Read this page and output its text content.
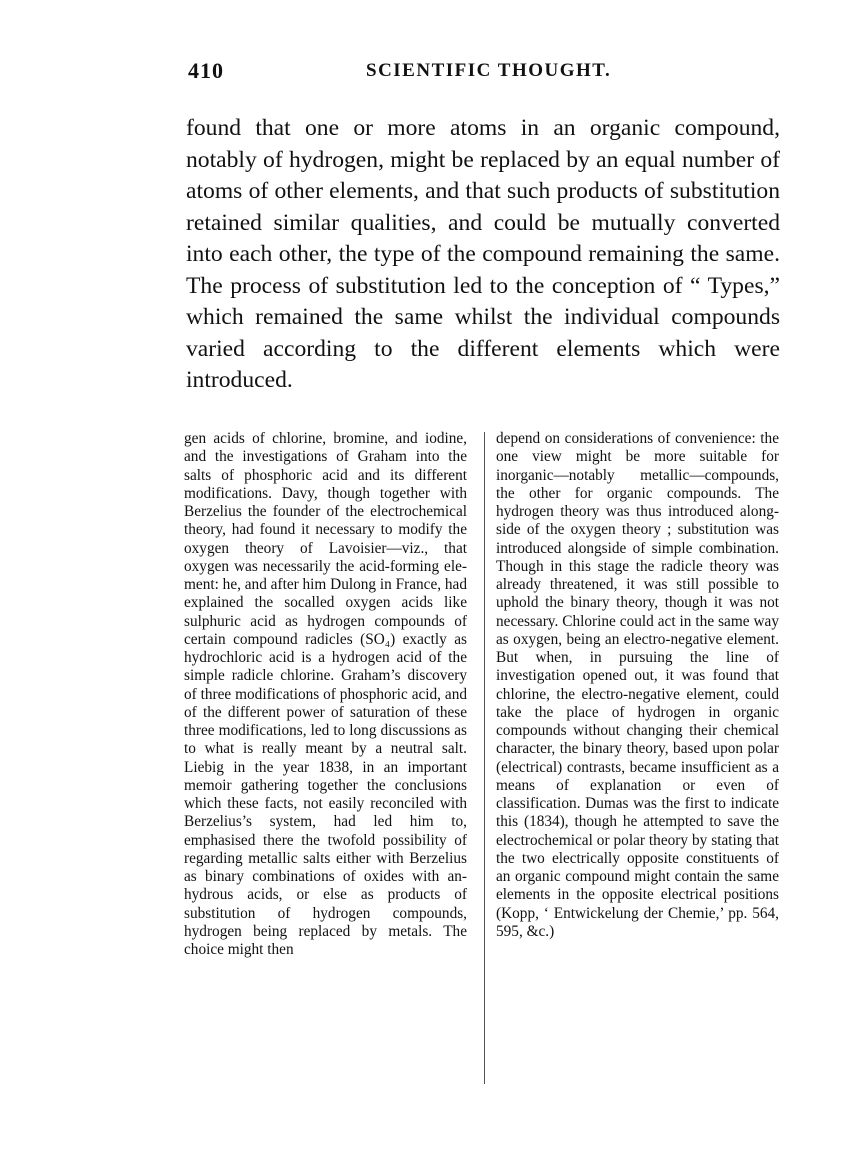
410	SCIENTIFIC THOUGHT.

found that one or more atoms in an organic compound, notably of hydrogen, might be replaced by an equal number of atoms of other elements, and that such products of substitution retained similar qualities, and could be mutually converted into each other, the type of the compound remaining the same. The process of substitution led to the conception of “ Types,” which remained the same whilst the individual compounds varied according to the different elements which were introduced.

gen acids of chlorine, bromine, and iodine, and the investigations of Graham into the salts of phosphoric acid and its different modifications. Davy, though together with Berzelius the founder of the electrochemical theory, had found it necessary to modify the oxygen theory of Lavoisier—viz., that oxygen was necessarily the acid-forming element: he, and after him Dulong in France, had explained the socalled oxygen acids like sulphuric acid as hydrogen compounds of certain compound radicles (SO₄) exactly as hydrochloric acid is a hydrogen acid of the simple radicle chlorine. Graham’s discovery of three modifications of phosphoric acid, and of the different power of saturation of these three modifications, led to long discussions as to what is really meant by a neutral salt. Liebig in the year 1838, in an important memoir gathering together the conclusions which these facts, not easily reconciled with Berzelius’s system, had led him to, emphasised there the twofold possibility of regarding metallic salts either with Berzelius as binary combinations of oxides with anhydrous acids, or else as products of substitution of hydrogen compounds, hydrogen being replaced by metals. The choice might then

depend on considerations of convenience: the one view might be more suitable for inorganic—notably metallic—compounds, the other for organic compounds. The hydrogen theory was thus introduced alongside of the oxygen theory ; substitution was introduced alongside of simple combination. Though in this stage the radicle theory was already threatened, it was still possible to uphold the binary theory, though it was not necessary. Chlorine could act in the same way as oxygen, being an electro-negative element. But when, in pursuing the line of investigation opened out, it was found that chlorine, the electro-negative element, could take the place of hydrogen in organic compounds without changing their chemical character, the binary theory, based upon polar (electrical) contrasts, became insufficient as a means of explanation or even of classification. Dumas was the first to indicate this (1834), though he attempted to save the electrochemical or polar theory by stating that the two electrically opposite constituents of an organic compound might contain the same elements in the opposite electrical positions (Kopp, ‘ Entwickelung der Chemie,’ pp. 564, 595, &c.)
